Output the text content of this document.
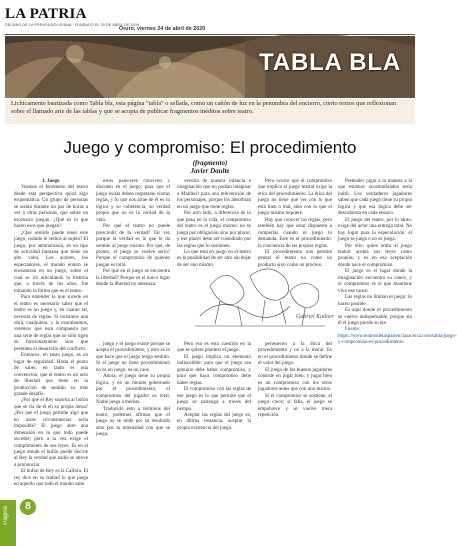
LA PATRIA
DECANO DE LA PRENSA BOLIVIANA · FUNDADO EL 25 DE ABRIL DE 1919
Oruro, viernes 24 de abril de 2020
TABLA BLA
Lichicamente bautizada como Tabla bla, esta página "tabla" o sellada, como un cañón de luz en la penumbra del encierro, cierto textos que reflexionan sobre el llamado arte de las tablas y que se acopia de publicar fragmentos inéditos sobre teatro.
Juego y compromiso: El procedimiento
(fragmento)
Javier Daulte

I. Juego

Veamos el fenómeno del teatro desde esta perspectiva quizá algo esquemática. Un grupo de personas se sienta durante un par de horas a ver a otras personas, que sobre un escenario juegan. ¿Qué es lo que hacen esos que juegan?

¿Qué sentido puede tener este juego, cuándo le vemos al sujeto? El juego, por antonomasia, es un tipo de actividad humana que tiene un alto valor. Los actores, los espectadores, el mundo entero se encuentran en un juego, sobre el cual se irá articulando la historia que, a través de los años, fue tomando la forma que es el teatro.

Para entender lo que sucede en el teatro es necesario saber que el teatro es un juego y, en cuanto tal, necesita de reglas. Si tomamos una obra, cualquiera, y la examinamos, veremos que está compuesta por una serie de reglas que no sólo rigen su funcionamiento sino que permiten el desarrollo del conflicto.

Entonces, en tanto juego, es un lugar de seguridad. Hasta el punto de saber, en tanto es una convención, que el teatro es un acto de libertad que tiene en la producción de sentido su más grande desafío.

¿Por qué el Rey soporta al bufón que se ría de él en su propia mesa? ¿Por qué el juego permite algo que en otras circunstancias sería imposible? El juego abre una dimensión en la que todo puede suceder; pero a la vez exige el cumplimiento de sus leyes. Es en el juego donde el bufón puede decirle al Rey la verdad que nadie se atreve a pronunciar.

El bufón de Rey es la Calfora. El rey dice en su lealtad lo que juega en aquello que todo el mundo sabe.

estos pareceres conviven y discuten en el juego; para que el juego exista deben respetarse ciertas reglas, y lo que nos atrae de él es su lógica y su coherencia, su verdad propia que no es la verdad de la vida.

Por qué el teatro no puede prescindir de la verdad? Tal vez porque la verdad es lo que le da sentido al juego mismo. Por qué, de pronto, el juego se vuelve serio? Porque el compromiso de quienes juegan es total.

Por qué en el juego se encuentra la libertad? Porque es el único lugar donde la libertad no amenaza.

versión de nuestra infancia e imaginación que no podían imaginar a Maldecir para una reinvención de los personajes, porque los absorbían en un juego que tiene reglas.

Por otro lado, a diferencia de lo que pasa en la vida, el compromiso del teatro es el juego mismo: no se juega por obligación sino por placer, y ese placer debe ser custodiado por las reglas que lo sostienen.

Lo que está en juego en el teatro es la posibilidad de ser otro sin dejar de ser uno mismo.

Pero ocurre que el compromiso que implica el juego teatral exige la ética del procedimiento. La ética del juego no tiene que ver con lo que está bien o mal, sino con lo que el juego mismo requiere.

Hay que conocer las reglas, pero también hay que estar dispuesto a romperlas cuando el juego lo demanda. Este es el procedimiento: la conciencia de las propias reglas.

El procedimiento nos permite pensar el teatro no como un producto sino como un proceso.

Gabriel Kudner

juego y el juego existe porque se acepta el procedimiento, y esto es lo que hace que el juego tenga sentido. Si el juego no tiene procedimiento no es un juego: es un caos.

Ahora, el juego tiene su propia lógica, y en un mundo gobernado por el procedimiento, el compromiso del jugador es total. Nadie juega a medias.

Traducido esto a términos del teatro, podemos afirmar que el juego no se mide por su resultado sino por la intensidad con que se juega.

Pero eso es esta cuestión en la que se quiere plantear el juego.

El juego implica un elemento indiscutible: para que el juego sea genuino debe haber compromiso, y para que haya compromiso debe haber reglas.

El compromiso con las reglas de ese juego es lo que permite que el juego se sostenga a través del tiempo.

Aceptar las reglas del juego es, en última instancia, aceptar la propia existencia del juego.

pertenecen a la ética del procedimiento y no a la moral. Es en el procedimiento donde se define el valor del juego.

El juego de los buenos jugadores consiste en jugar bien; y jugar bien es un compromiso con los otros jugadores antes que con uno mismo.

Si el compromiso se sostiene, el juego crece; si falla, el juego se empobrece y se vuelve mera repetición.

Pretender jugar a la manera a la que estamos acostumbrados sería inútil. Los verdaderos jugadores saben que cada juego tiene su propia lógica y que esa lógica debe ser descubierta en cada ensayo.

El juego del teatro, por lo tanto, exige del actor una entrega total. No hay lugar para la especulación: el juego se juega o no se juega.

Por ello, quien entra al juego teatral acepta sus leyes como propias, y es en esa aceptación donde nace el compromiso.

El juego es el lugar donde la imaginación encuentra su cauce, y el compromiso es el que mantiene vivo ese cauce.

Las reglas no limitan el juego: lo hacen posible.

Es aquí donde el procedimiento se vuelve indispensable, porque sin él el juego pierde su eje.

Fuente: https://www.teatrosdelasparienciasacerca.com/tabla/juego-y-compromiso-el-procedimiento

Página	8
